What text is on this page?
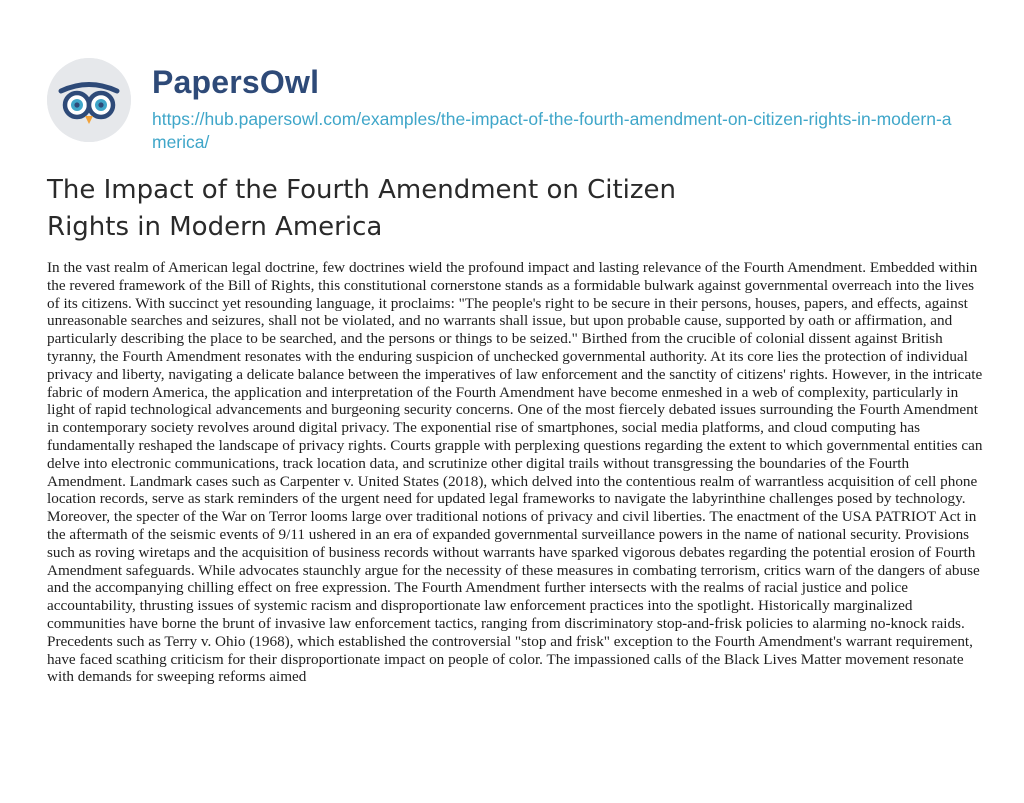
PapersOwl
https://hub.papersowl.com/examples/the-impact-of-the-fourth-amendment-on-citizen-rights-in-modern-america/
The Impact of the Fourth Amendment on Citizen Rights in Modern America

In the vast realm of American legal doctrine, few doctrines wield the profound impact and lasting relevance of the Fourth Amendment. Embedded within the revered framework of the Bill of Rights, this constitutional cornerstone stands as a formidable bulwark against governmental overreach into the lives of its citizens. With succinct yet resounding language, it proclaims: "The people's right to be secure in their persons, houses, papers, and effects, against unreasonable searches and seizures, shall not be violated, and no warrants shall issue, but upon probable cause, supported by oath or affirmation, and particularly describing the place to be searched, and the persons or things to be seized." Birthed from the crucible of colonial dissent against British tyranny, the Fourth Amendment resonates with the enduring suspicion of unchecked governmental authority. At its core lies the protection of individual privacy and liberty, navigating a delicate balance between the imperatives of law enforcement and the sanctity of citizens' rights. However, in the intricate fabric of modern America, the application and interpretation of the Fourth Amendment have become enmeshed in a web of complexity, particularly in light of rapid technological advancements and burgeoning security concerns. One of the most fiercely debated issues surrounding the Fourth Amendment in contemporary society revolves around digital privacy. The exponential rise of smartphones, social media platforms, and cloud computing has fundamentally reshaped the landscape of privacy rights. Courts grapple with perplexing questions regarding the extent to which governmental entities can delve into electronic communications, track location data, and scrutinize other digital trails without transgressing the boundaries of the Fourth Amendment. Landmark cases such as Carpenter v. United States (2018), which delved into the contentious realm of warrantless acquisition of cell phone location records, serve as stark reminders of the urgent need for updated legal frameworks to navigate the labyrinthine challenges posed by technology. Moreover, the specter of the War on Terror looms large over traditional notions of privacy and civil liberties. The enactment of the USA PATRIOT Act in the aftermath of the seismic events of 9/11 ushered in an era of expanded governmental surveillance powers in the name of national security. Provisions such as roving wiretaps and the acquisition of business records without warrants have sparked vigorous debates regarding the potential erosion of Fourth Amendment safeguards. While advocates staunchly argue for the necessity of these measures in combating terrorism, critics warn of the dangers of abuse and the accompanying chilling effect on free expression. The Fourth Amendment further intersects with the realms of racial justice and police accountability, thrusting issues of systemic racism and disproportionate law enforcement practices into the spotlight. Historically marginalized communities have borne the brunt of invasive law enforcement tactics, ranging from discriminatory stop-and-frisk policies to alarming no-knock raids. Precedents such as Terry v. Ohio (1968), which established the controversial "stop and frisk" exception to the Fourth Amendment's warrant requirement, have faced scathing criticism for their disproportionate impact on people of color. The impassioned calls of the Black Lives Matter movement resonate with demands for sweeping reforms aimed
